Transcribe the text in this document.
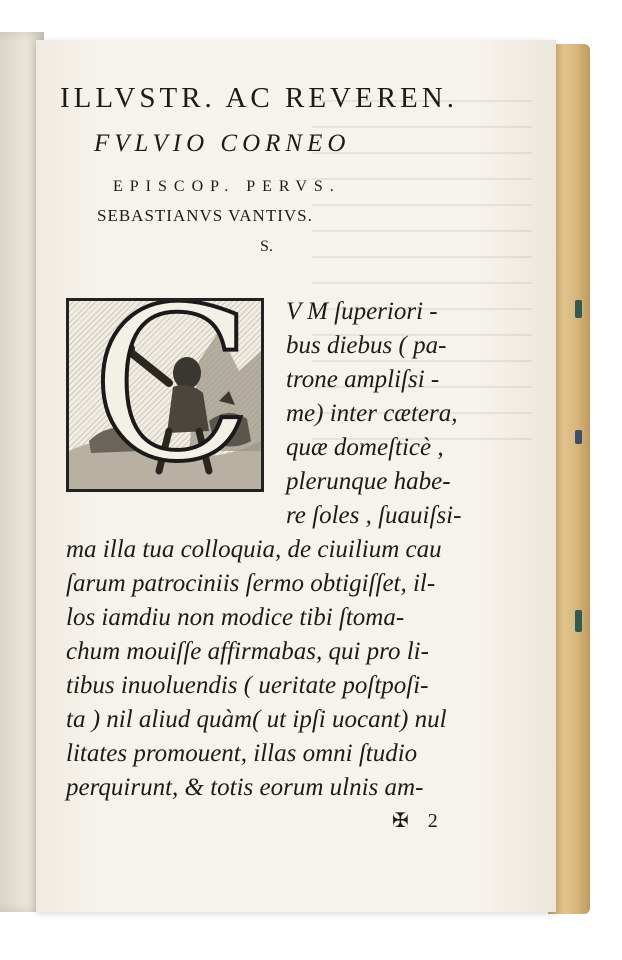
ILLVSTR. AC REVEREN.
FVLVIO CORNEO
EPISCOP. PERVS.
SEBASTIANVS VANTIVS.
S.
C V M ſuperiori -
bus diebus ( pa-
trone ampliſsi -
me) inter cætera,
quæ domeſticè ,
plerunque habe-
re ſoles , ſuauiſsi-
ma illa tua colloquia, de ciuilium cau
ſarum patrociniis ſermo obtigiſſet, il-
los iamdiu non modice tibi ſtoma-
chum mouiſſe affirmabas, qui pro li-
tibus inuoluendis ( ueritate poſtpoſi-
ta ) nil aliud quàm( ut ipſi uocant) nul
litates promouent, illas omni ſtudio
perquirunt, & totis eorum ulnis am-
✠ 2
